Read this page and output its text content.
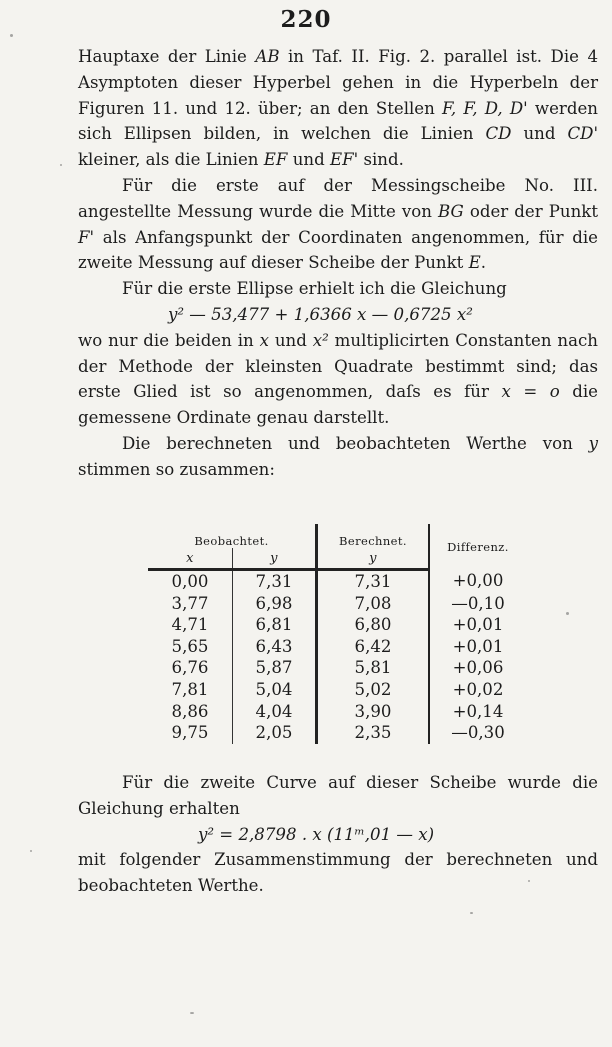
220

Hauptaxe der Linie AB in Taf. II. Fig. 2. parallel ist. Die 4 Asymptoten dieser Hyperbel gehen in die Hyperbeln der Figuren 11. und 12. über; an den Stellen F, F, D, D' werden sich Ellipsen bilden, in welchen die Linien CD und CD' kleiner, als die Linien EF und EF' sind.

Für die erste auf der Messingscheibe No. III. angestellte Messung wurde die Mitte von BG oder der Punkt F' als Anfangspunkt der Coordinaten angenommen, für die zweite Messung auf dieser Scheibe der Punkt E.

Für die erste Ellipse erhielt ich die Gleichung

y² — 53,477 + 1,6366 x — 0,6725 x²

wo nur die beiden in x und x² multiplicirten Constanten nach der Methode der kleinsten Quadrate bestimmt sind; das erste Glied ist so angenommen, daſs es für x = o die gemessene Ordinate genau darstellt.

Die berechneten und beobachteten Werthe von y stimmen so zusammen:

Beobachtet.		Berechnet.	Differenz.
x	y	y	
0,00	7,31	7,31	+0,00
3,77	6,98	7,08	—0,10
4,71	6,81	6,80	+0,01
5,65	6,43	6,42	+0,01
6,76	5,87	5,81	+0,06
7,81	5,04	5,02	+0,02
8,86	4,04	3,90	+0,14
9,75	2,05	2,35	—0,30

Für die zweite Curve auf dieser Scheibe wurde die Gleichung erhalten

y² = 2,8798 . x (11ᵐ,01 — x)

mit folgender Zusammenstimmung der berechneten und beobachteten Werthe.
